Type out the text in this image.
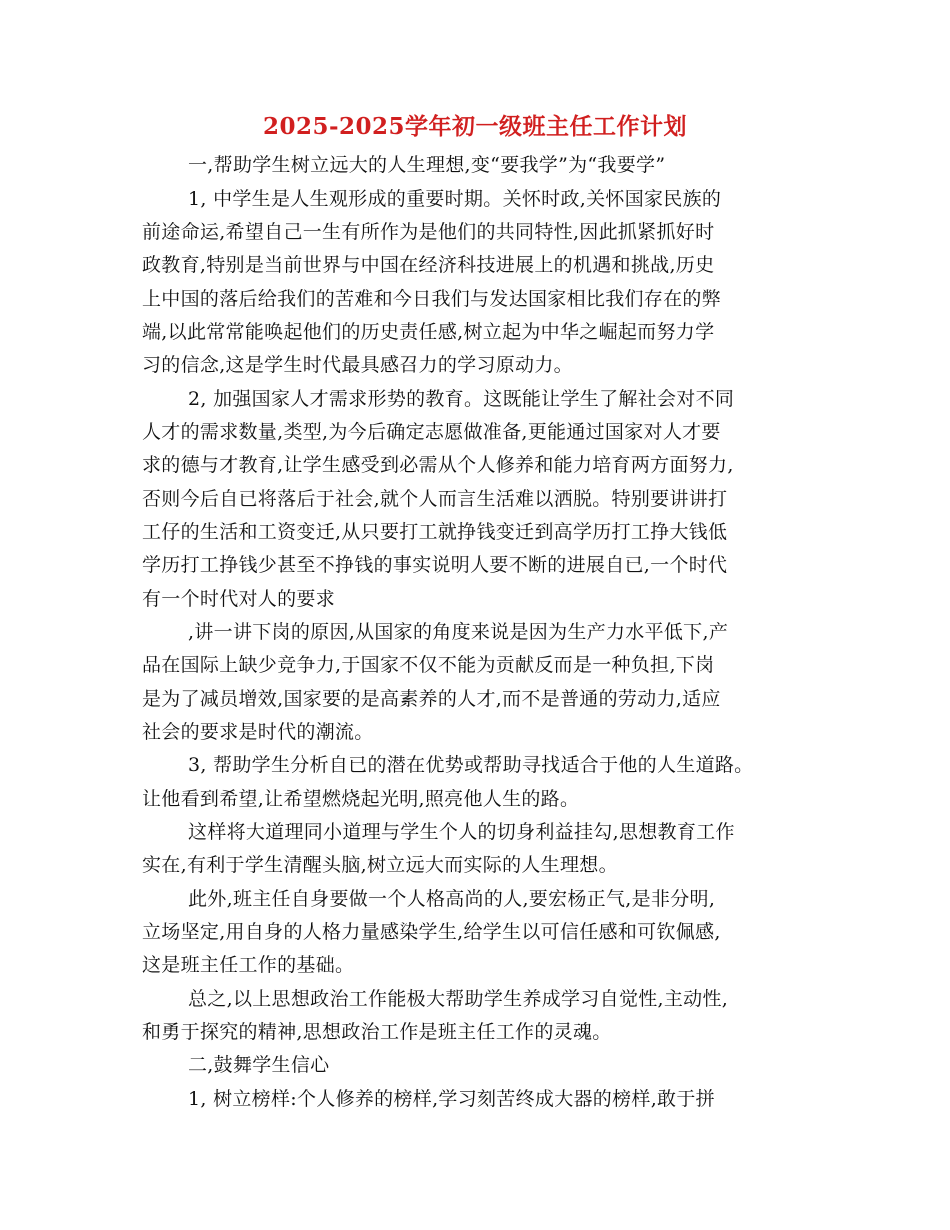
2025-2025学年初一级班主任工作计划
一,帮助学生树立远大的人生理想,变“要我学”为“我要学”
1, 中学生是人生观形成的重要时期。关怀时政,关怀国家民族的
前途命运,希望自己一生有所作为是他们的共同特性,因此抓紧抓好时
政教育,特别是当前世界与中国在经济科技进展上的机遇和挑战,历史
上中国的落后给我们的苦难和今日我们与发达国家相比我们存在的弊
端,以此常常能唤起他们的历史责任感,树立起为中华之崛起而努力学
习的信念,这是学生时代最具感召力的学习原动力。
2, 加强国家人才需求形势的教育。这既能让学生了解社会对不同
人才的需求数量,类型,为今后确定志愿做准备,更能通过国家对人才要
求的德与才教育,让学生感受到必需从个人修养和能力培育两方面努力,
否则今后自已将落后于社会,就个人而言生活难以洒脱。特别要讲讲打
工仔的生活和工资变迁,从只要打工就挣钱变迁到高学历打工挣大钱低
学历打工挣钱少甚至不挣钱的事实说明人要不断的进展自已,一个时代
有一个时代对人的要求
,讲一讲下岗的原因,从国家的角度来说是因为生产力水平低下,产
品在国际上缺少竞争力,于国家不仅不能为贡献反而是一种负担,下岗
是为了减员增效,国家要的是高素养的人才,而不是普通的劳动力,适应
社会的要求是时代的潮流。
3, 帮助学生分析自已的潜在优势或帮助寻找适合于他的人生道路。
让他看到希望,让希望燃烧起光明,照亮他人生的路。
这样将大道理同小道理与学生个人的切身利益挂勾,思想教育工作
实在,有利于学生清醒头脑,树立远大而实际的人生理想。
此外,班主任自身要做一个人格高尚的人,要宏杨正气,是非分明,
立场坚定,用自身的人格力量感染学生,给学生以可信任感和可钦佩感,
这是班主任工作的基础。
总之,以上思想政治工作能极大帮助学生养成学习自觉性,主动性,
和勇于探究的精神,思想政治工作是班主任工作的灵魂。
二,鼓舞学生信心
1, 树立榜样:个人修养的榜样,学习刻苦终成大器的榜样,敢于拼
